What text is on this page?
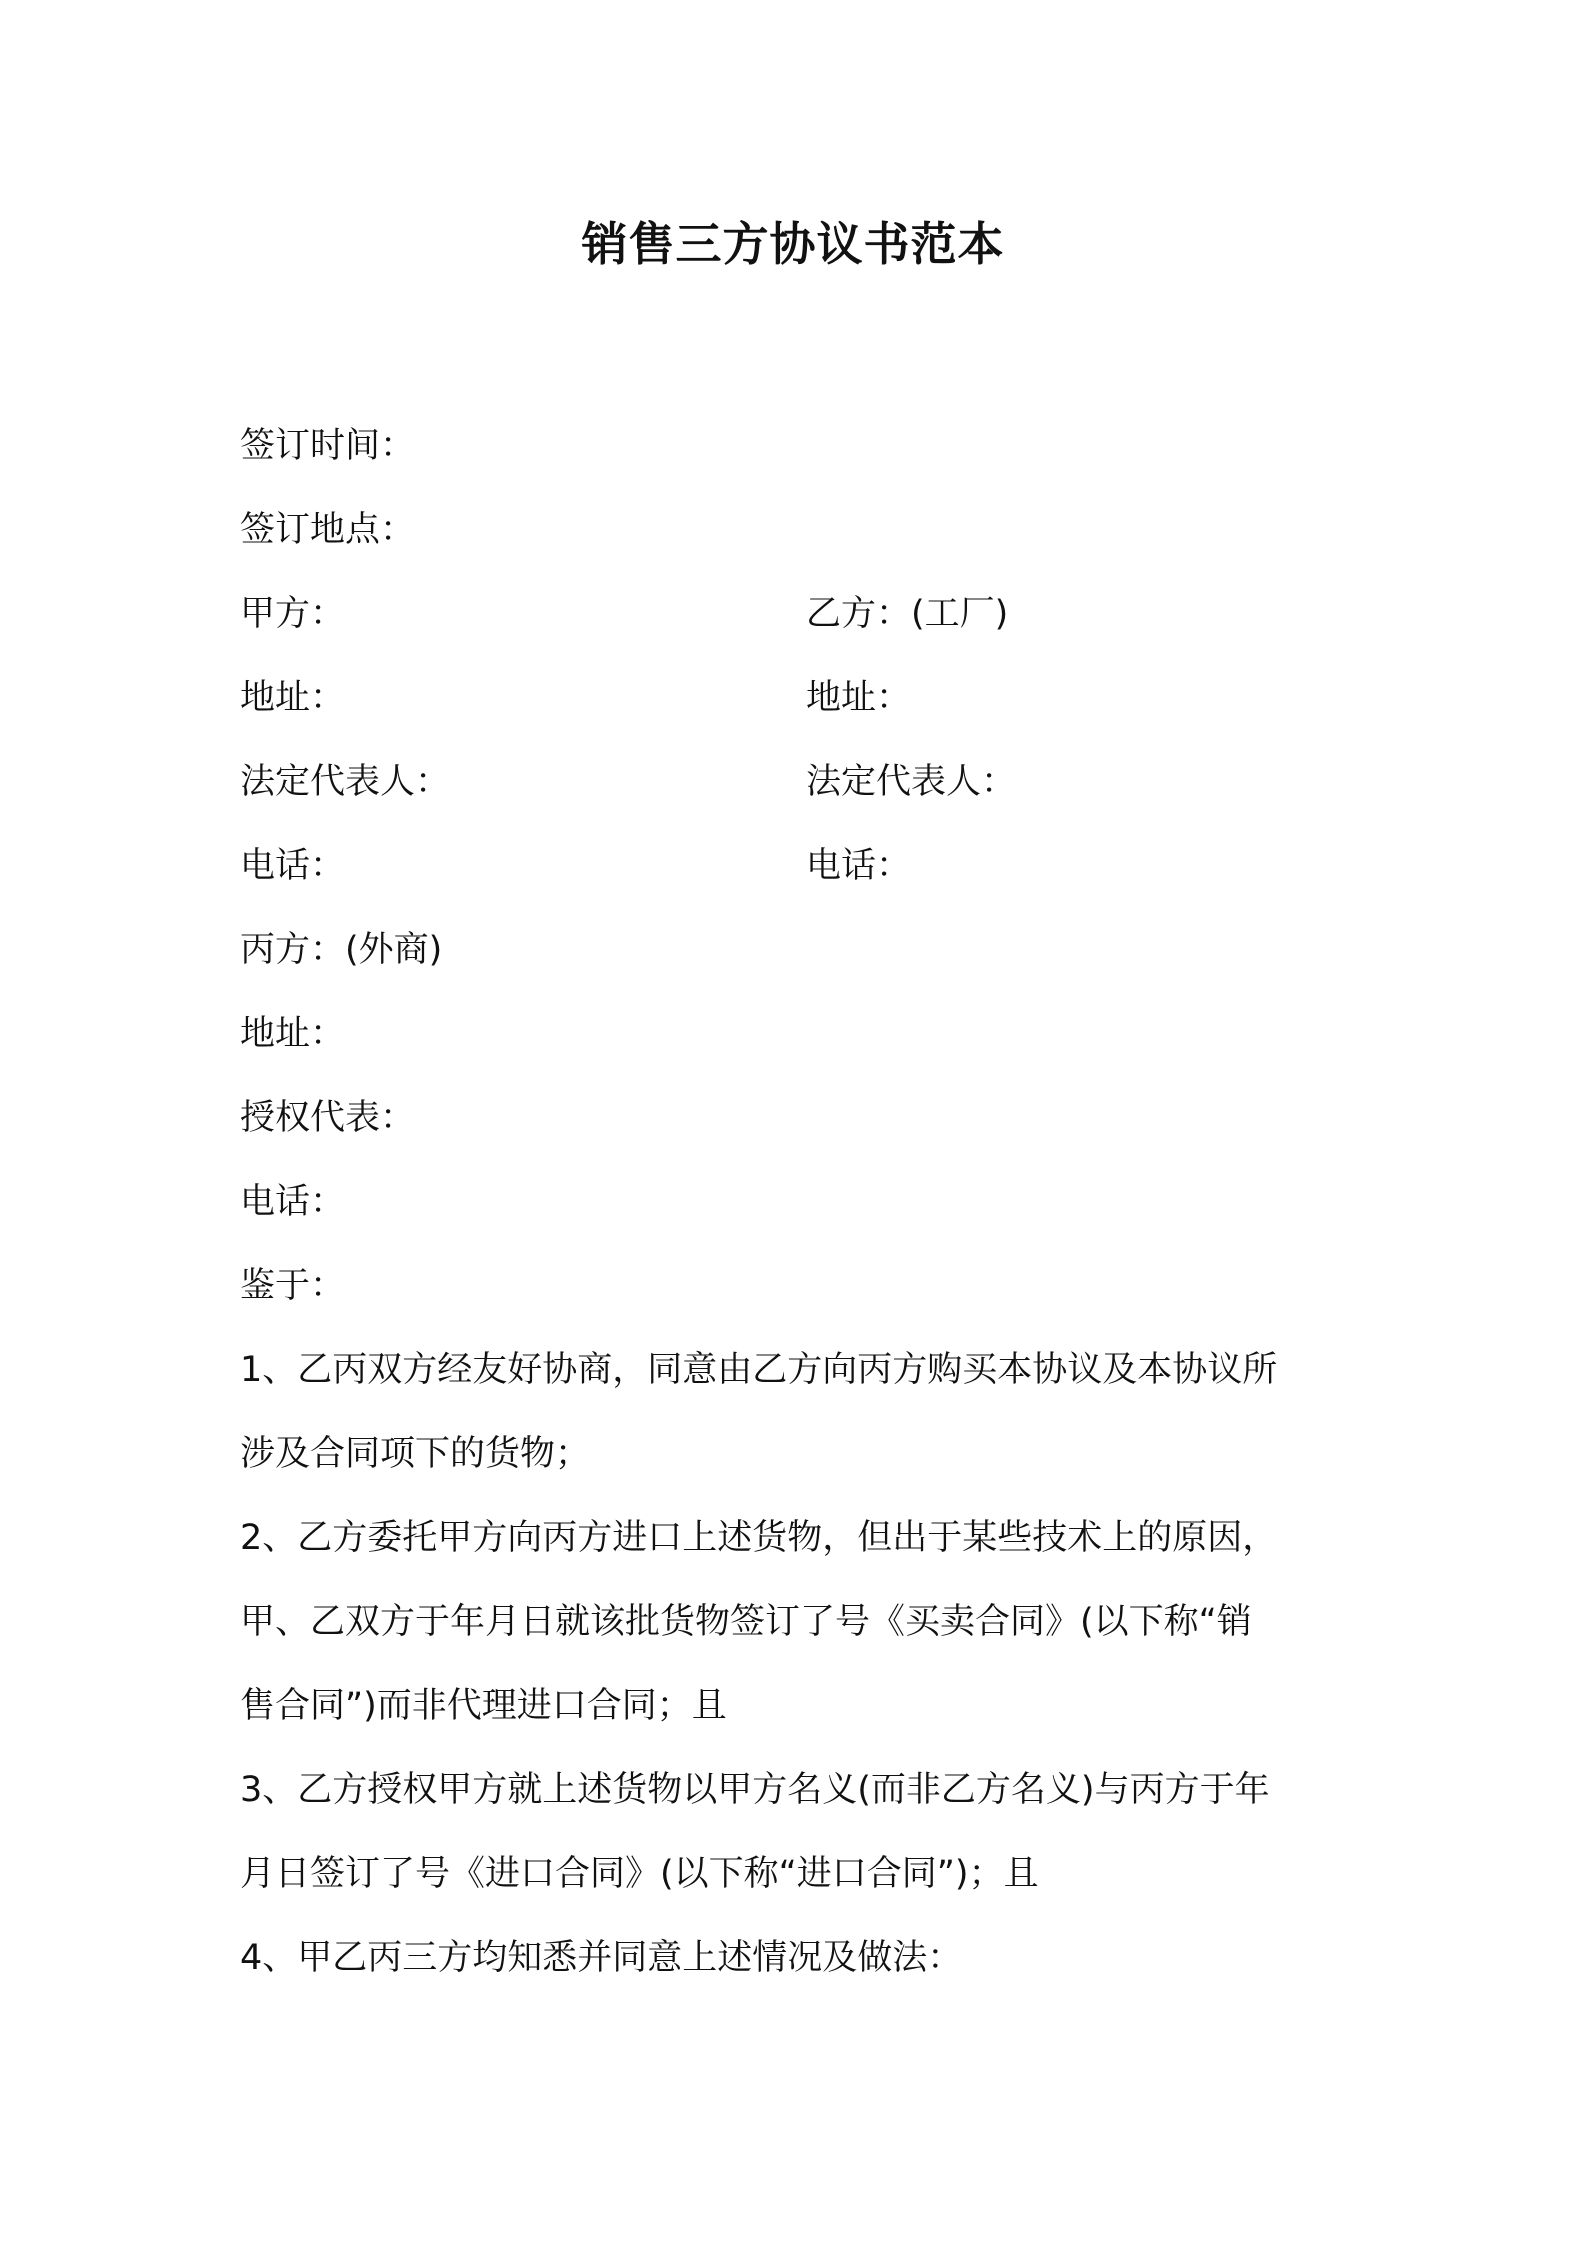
销售三方协议书范本
签订时间：
签订地点：
甲方：	乙方：(工厂)
地址：	地址：
法定代表人：	法定代表人：
电话：	电话：
丙方：(外商)
地址：
授权代表：
电话：
鉴于：
1、乙丙双方经友好协商，同意由乙方向丙方购买本协议及本协议所
涉及合同项下的货物；
2、乙方委托甲方向丙方进口上述货物，但出于某些技术上的原因，
甲、乙双方于年月日就该批货物签订了号《买卖合同》(以下称“销
售合同”)而非代理进口合同；且
3、乙方授权甲方就上述货物以甲方名义(而非乙方名义)与丙方于年
月日签订了号《进口合同》(以下称“进口合同”)；且
4、甲乙丙三方均知悉并同意上述情况及做法：
